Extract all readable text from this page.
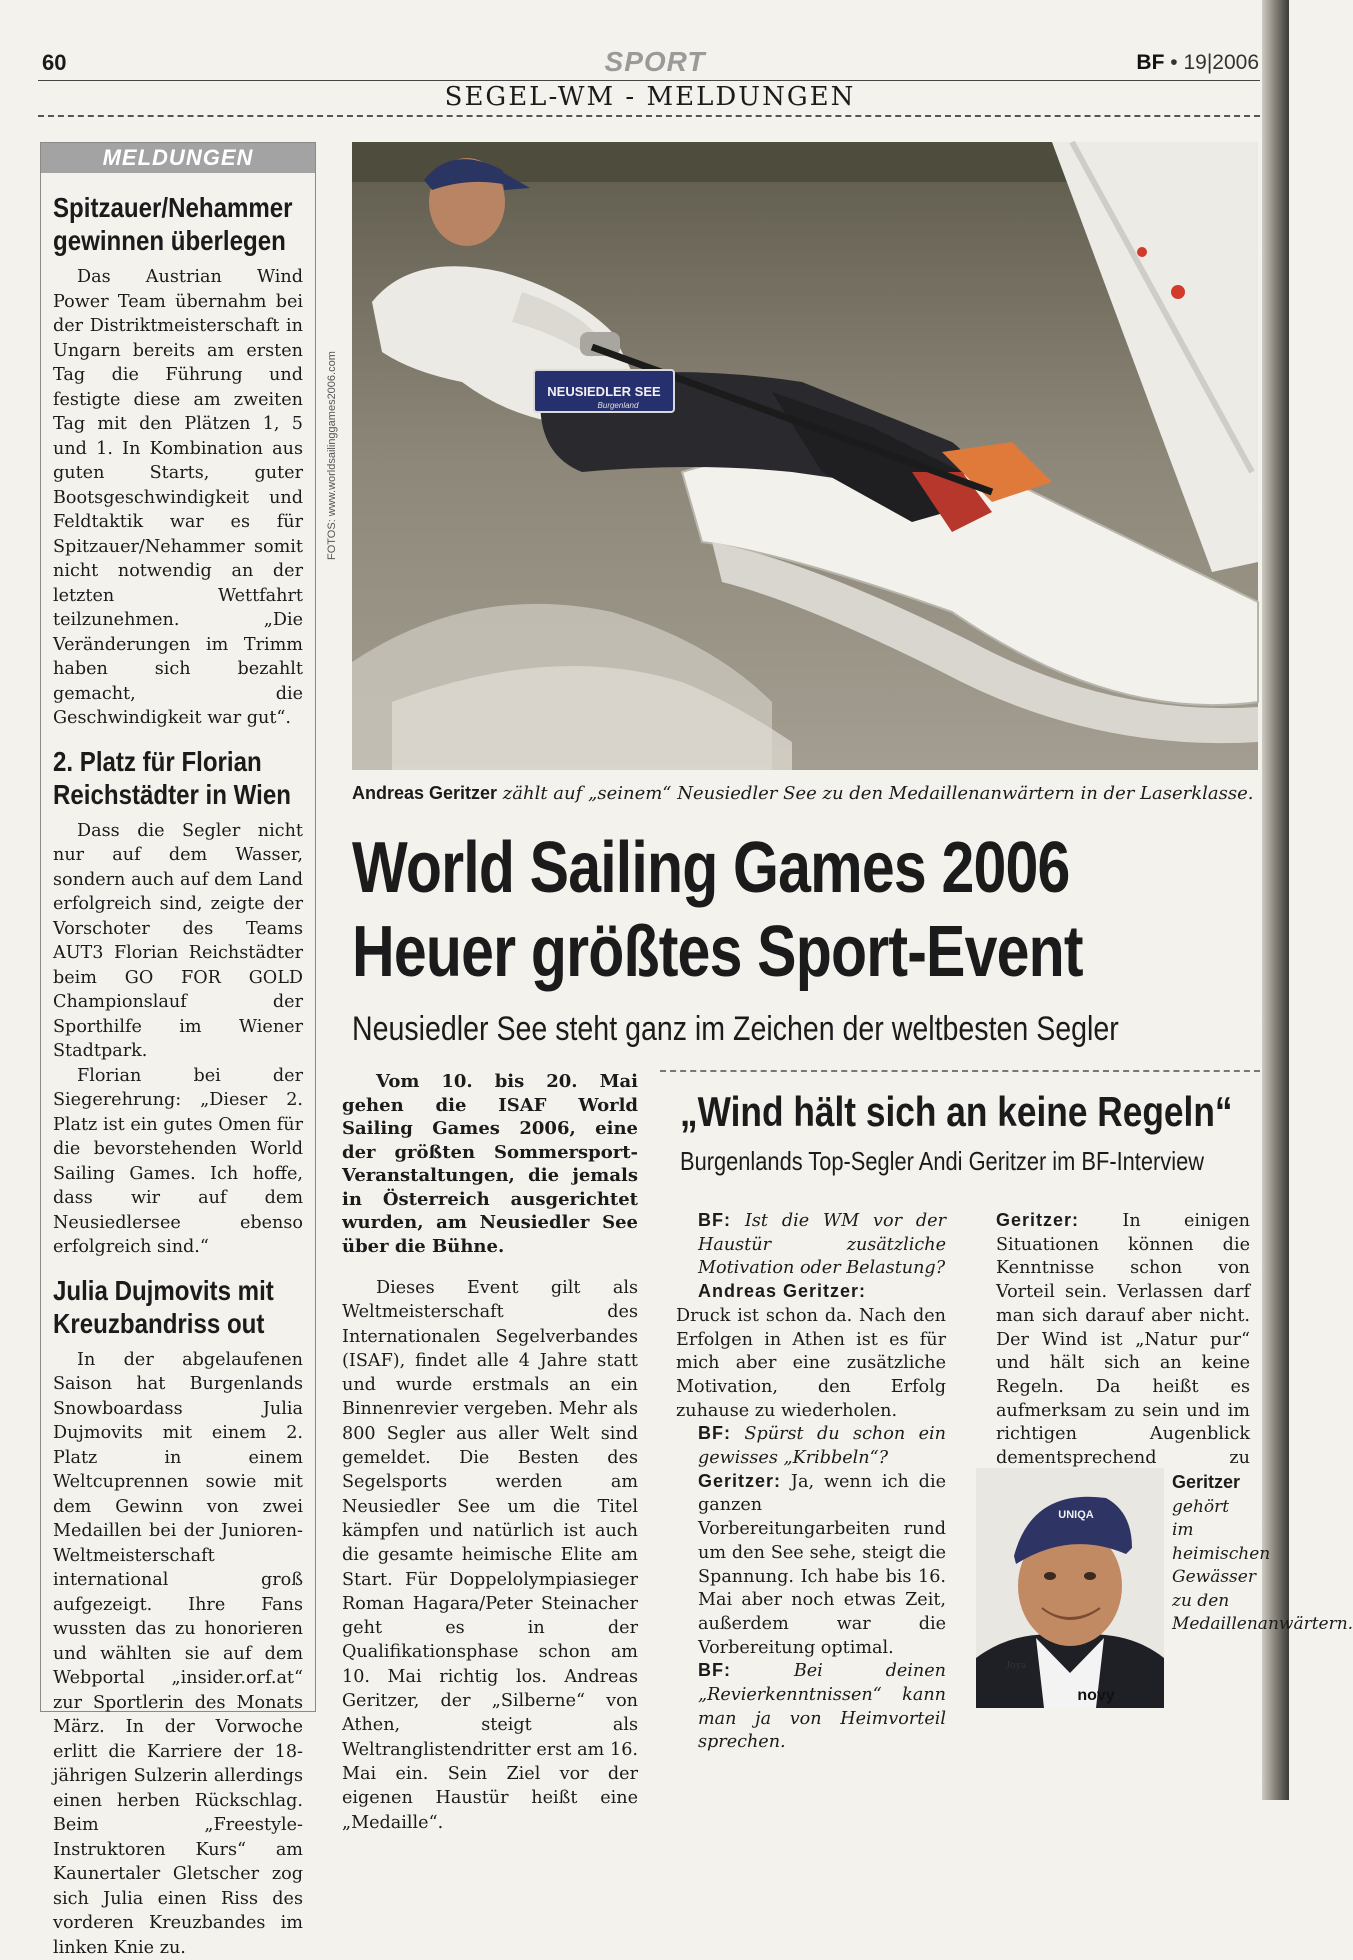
60	SPORT	BF • 19|2006
SEGEL-WM - MELDUNGEN
MELDUNGEN
Spitzauer/Nehammer
gewinnen überlegen

Das Austrian Wind Power Team übernahm bei der Distriktmeisterschaft in Ungarn bereits am ersten Tag die Führung und festigte diese am zweiten Tag mit den Plätzen 1, 5 und 1. In Kombination aus guten Starts, guter Bootsgeschwindigkeit und Feldtaktik war es für Spitzauer/Nehammer somit nicht notwendig an der letzten Wettfahrt teilzunehmen. „Die Veränderungen im Trimm haben sich bezahlt gemacht, die Geschwindigkeit war gut“.

2. Platz für Florian
Reichstädter in Wien

Dass die Segler nicht nur auf dem Wasser, sondern auch auf dem Land erfolgreich sind, zeigte der Vorschoter des Teams AUT3 Florian Reichstädter beim GO FOR GOLD Championslauf der Sporthilfe im Wiener Stadtpark.

Florian bei der Siegerehrung: „Dieser 2. Platz ist ein gutes Omen für die bevorstehenden World Sailing Games. Ich hoffe, dass wir auf dem Neusiedlersee ebenso erfolgreich sind.“

Julia Dujmovits mit
Kreuzbandriss out

In der abgelaufenen Saison hat Burgenlands Snowboardass Julia Dujmovits mit einem 2. Platz in einem Weltcuprennen sowie mit dem Gewinn von zwei Medaillen bei der Junioren-Weltmeisterschaft international groß aufgezeigt. Ihre Fans wussten das zu honorieren und wählten sie auf dem Webportal „insider.orf.at“ zur Sportlerin des Monats März. In der Vorwoche erlitt die Karriere der 18-jährigen Sulzerin allerdings einen herben Rückschlag. Beim „Freestyle-Instruktoren Kurs“ am Kaunertaler Gletscher zog sich Julia einen Riss des vorderen Kreuzbandes im linken Knie zu.

NEUSIEDLER SEE
Burgenland
FOTOS: www.worldsailinggames2006.com
Andreas Geritzer zählt auf „seinem“ Neusiedler See zu den Medaillenanwärtern in der Laserklasse.
World Sailing Games 2006
Heuer größtes Sport-Event
Neusiedler See steht ganz im Zeichen der weltbesten Segler

Vom 10. bis 20. Mai gehen die ISAF World Sailing Games 2006, eine der größten Sommersport-Veranstaltungen, die jemals in Österreich ausgerichtet wurden, am Neusiedler See über die Bühne.

Dieses Event gilt als Weltmeisterschaft des Internationalen Segelverbandes (ISAF), findet alle 4 Jahre statt und wurde erstmals an ein Binnenrevier vergeben. Mehr als 800 Segler aus aller Welt sind gemeldet. Die Besten des Segelsports werden am Neusiedler See um die Titel kämpfen und natürlich ist auch die gesamte heimische Elite am Start. Für Doppelolympiasieger Roman Hagara/Peter Steinacher geht es in der Qualifikationsphase schon am 10. Mai richtig los. Andreas Geritzer, der „Silberne“ von Athen, steigt als Weltranglistendritter erst am 16. Mai ein. Sein Ziel vor der eigenen Haustür heißt eine „Medaille“.

„Wind hält sich an keine Regeln“
Burgenlands Top-Segler Andi Geritzer im BF-Interview

BF: Ist die WM vor der Haustür zusätzliche Motivation oder Belastung?

Andreas Geritzer:

Druck ist schon da. Nach den Erfolgen in Athen ist es für mich aber eine zusätzliche Motivation, den Erfolg zuhause zu wiederholen.

BF: Spürst du schon ein gewisses „Kribbeln“?

Geritzer: Ja, wenn ich die ganzen Vorbereitungarbeiten rund um den See sehe, steigt die Spannung. Ich habe bis 16. Mai aber noch etwas Zeit, außerdem war die Vorbereitung optimal.

BF: Bei deinen „Revierkenntnissen“ kann man ja von Heimvorteil sprechen.

Geritzer: In einigen Situationen können die Kenntnisse schon von Vorteil sein. Verlassen darf man sich darauf aber nicht. Der Wind ist „Natur pur“ und hält sich an keine Regeln. Da heißt es aufmerksam zu sein und im richtigen Augenblick dementsprechend zu

UNIQA
novy
Joya
Geritzer gehört im heimischen Gewässer zu den Medaillenanwärtern.
